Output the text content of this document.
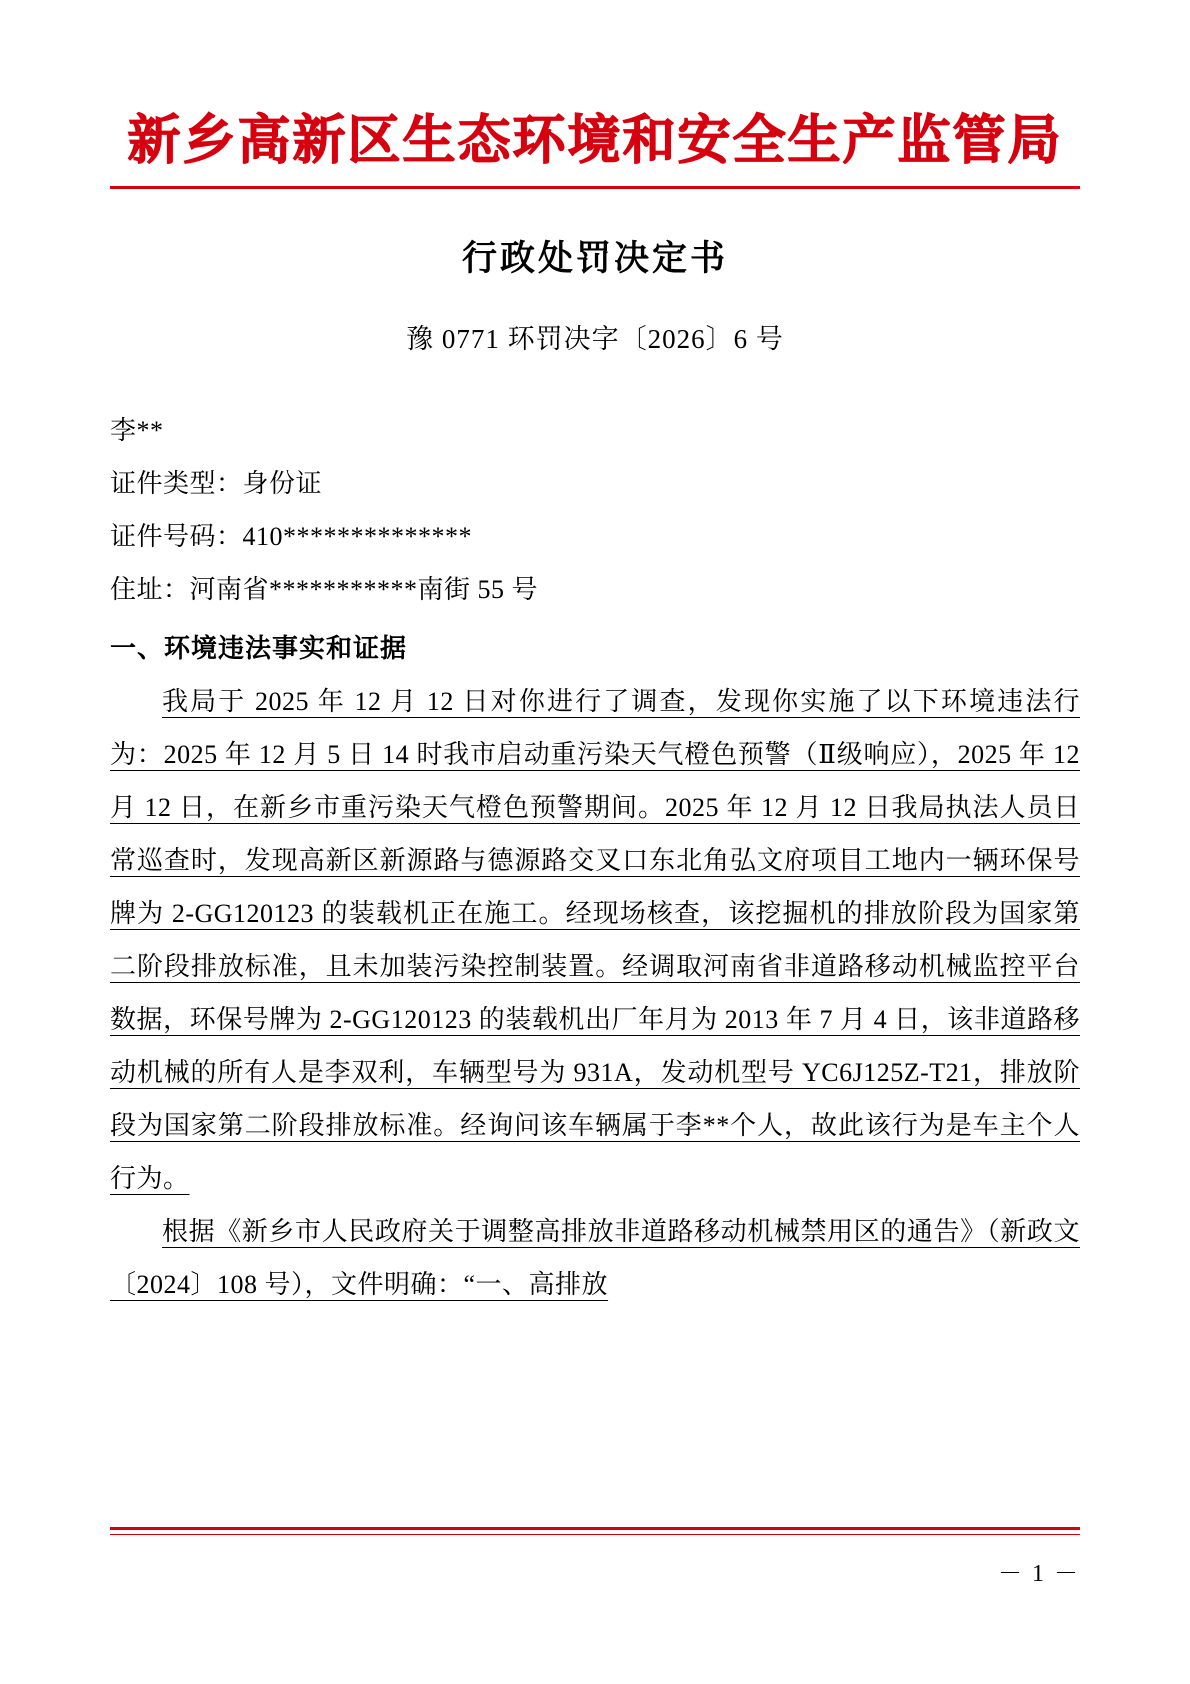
新乡高新区生态环境和安全生产监管局
行政处罚决定书
豫 0771 环罚决字〔2026〕6 号
李**
证件类型：身份证
证件号码：410**************
住址：河南省***********南街 55 号
一、环境违法事实和证据
我局于 2025 年 12 月 12 日对你进行了调查，发现你实施了以下环境违法行为：2025 年 12 月 5 日 14 时我市启动重污染天气橙色预警（Ⅱ级响应），2025 年 12 月 12 日，在新乡市重污染天气橙色预警期间。2025 年 12 月 12 日我局执法人员日常巡查时，发现高新区新源路与德源路交叉口东北角弘文府项目工地内一辆环保号牌为 2-GG120123 的装载机正在施工。经现场核查，该挖掘机的排放阶段为国家第二阶段排放标准，且未加装污染控制装置。经调取河南省非道路移动机械监控平台数据，环保号牌为 2-GG120123 的装载机出厂年月为 2013 年 7 月 4 日，该非道路移动机械的所有人是李双利，车辆型号为 931A，发动机型号 YC6J125Z-T21，排放阶段为国家第二阶段排放标准。经询问该车辆属于李**个人，故此该行为是车主个人行为。
根据《新乡市人民政府关于调整高排放非道路移动机械禁用区的通告》（新政文〔2024〕108 号），文件明确：“一、高排放
－ 1 －
